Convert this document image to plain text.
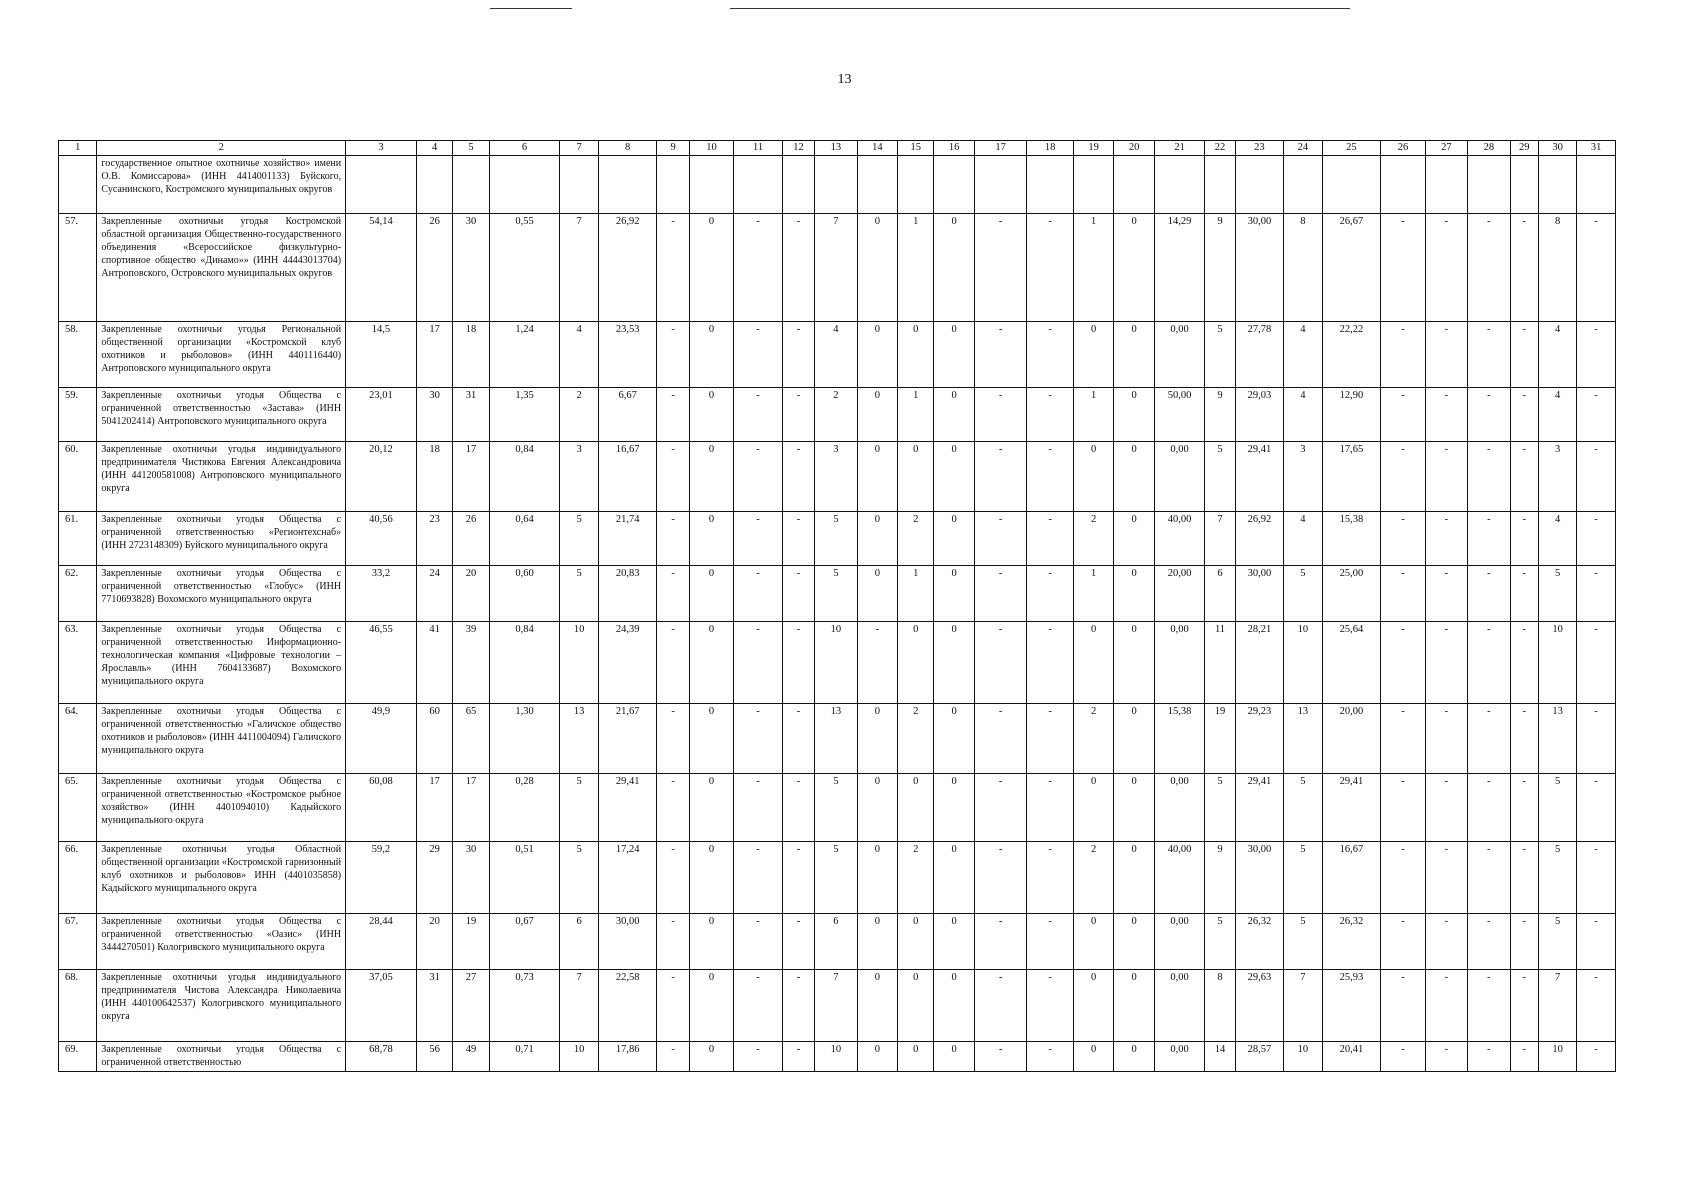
13
1	2	3	4	5	6	7	8	9	10	11	12	13	14	15	16	17	18	19	20	21	22	23	24	25	26	27	28	29	30	31
	государственное опытное охотничье хозяйство» имени О.В. Комиссарова» (ИНН 4414001133) Буйского, Сусанинского, Костромского муниципальных округов																													
57.	Закрепленные охотничьи угодья Костромской областной организация Общественно-государственного объединения «Всероссийское физкультурно-спортивное общество «Динамо»» (ИНН 44443013704) Антроповского, Островского муниципальных округов	54,14	26	30	0,55	7	26,92	-	0	-	-	7	0	1	0	-	-	1	0	14,29	9	30,00	8	26,67	-	-	-	-	8	-
58.	Закрепленные охотничьи угодья Региональной общественной организации «Костромской клуб охотников и рыболовов» (ИНН 4401116440) Антроповского муниципального округа	14,5	17	18	1,24	4	23,53	-	0	-	-	4	0	0	0	-	-	0	0	0,00	5	27,78	4	22,22	-	-	-	-	4	-
59.	Закрепленные охотничьи угодья Общества с ограниченной ответственностью «Застава» (ИНН 5041202414) Антроповского муниципального округа	23,01	30	31	1,35	2	6,67	-	0	-	-	2	0	1	0	-	-	1	0	50,00	9	29,03	4	12,90	-	-	-	-	4	-
60.	Закрепленные охотничьи угодья индивидуального предпринимателя Чистякова Евгения Александровича (ИНН 441200581008) Антроповского муниципального округа	20,12	18	17	0,84	3	16,67	-	0	-	-	3	0	0	0	-	-	0	0	0,00	5	29,41	3	17,65	-	-	-	-	3	-
61.	Закрепленные охотничьи угодья Общества с ограниченной ответственностью «Регионтехснаб» (ИНН 2723148309) Буйского муниципального округа	40,56	23	26	0,64	5	21,74	-	0	-	-	5	0	2	0	-	-	2	0	40,00	7	26,92	4	15,38	-	-	-	-	4	-
62.	Закрепленные охотничьи угодья Общества с ограниченной ответственностью «Глобус» (ИНН 7710693828) Вохомского муниципального округа	33,2	24	20	0,60	5	20,83	-	0	-	-	5	0	1	0	-	-	1	0	20,00	6	30,00	5	25,00	-	-	-	-	5	-
63.	Закрепленные охотничьи угодья Общества с ограниченной ответственностью Информационно-технологическая компания «Цифровые технологии – Ярославль» (ИНН 7604133687) Вохомского муниципального округа	46,55	41	39	0,84	10	24,39	-	0	-	-	10	-	0	0	-	-	0	0	0,00	11	28,21	10	25,64	-	-	-	-	10	-
64.	Закрепленные охотничьи угодья Общества с ограниченной ответственностью «Галичское общество охотников и рыболовов» (ИНН 4411004094) Галичского муниципального округа	49,9	60	65	1,30	13	21,67	-	0	-	-	13	0	2	0	-	-	2	0	15,38	19	29,23	13	20,00	-	-	-	-	13	-
65.	Закрепленные охотничьи угодья Общества с ограниченной ответственностью «Костромское рыбное хозяйство» (ИНН 4401094010) Кадыйского муниципального округа	60,08	17	17	0,28	5	29,41	-	0	-	-	5	0	0	0	-	-	0	0	0,00	5	29,41	5	29,41	-	-	-	-	5	-
66.	Закрепленные охотничьи угодья Областной общественной организации «Костромской гарнизонный клуб охотников и рыболовов» ИНН (4401035858) Кадыйского муниципального округа	59,2	29	30	0,51	5	17,24	-	0	-	-	5	0	2	0	-	-	2	0	40,00	9	30,00	5	16,67	-	-	-	-	5	-
67.	Закрепленные охотничьи угодья Общества с ограниченной ответственностью «Оазис» (ИНН 3444270501) Кологривского муниципального округа	28,44	20	19	0,67	6	30,00	-	0	-	-	6	0	0	0	-	-	0	0	0,00	5	26,32	5	26,32	-	-	-	-	5	-
68.	Закрепленные охотничьи угодья индивидуального предпринимателя Чистова Александра Николаевича (ИНН 440100642537) Кологривского муниципального округа	37,05	31	27	0,73	7	22,58	-	0	-	-	7	0	0	0	-	-	0	0	0,00	8	29,63	7	25,93	-	-	-	-	7	-
69.	Закрепленные охотничьи угодья Общества с ограниченной ответственностью	68,78	56	49	0,71	10	17,86	-	0	-	-	10	0	0	0	-	-	0	0	0,00	14	28,57	10	20,41	-	-	-	-	10	-
